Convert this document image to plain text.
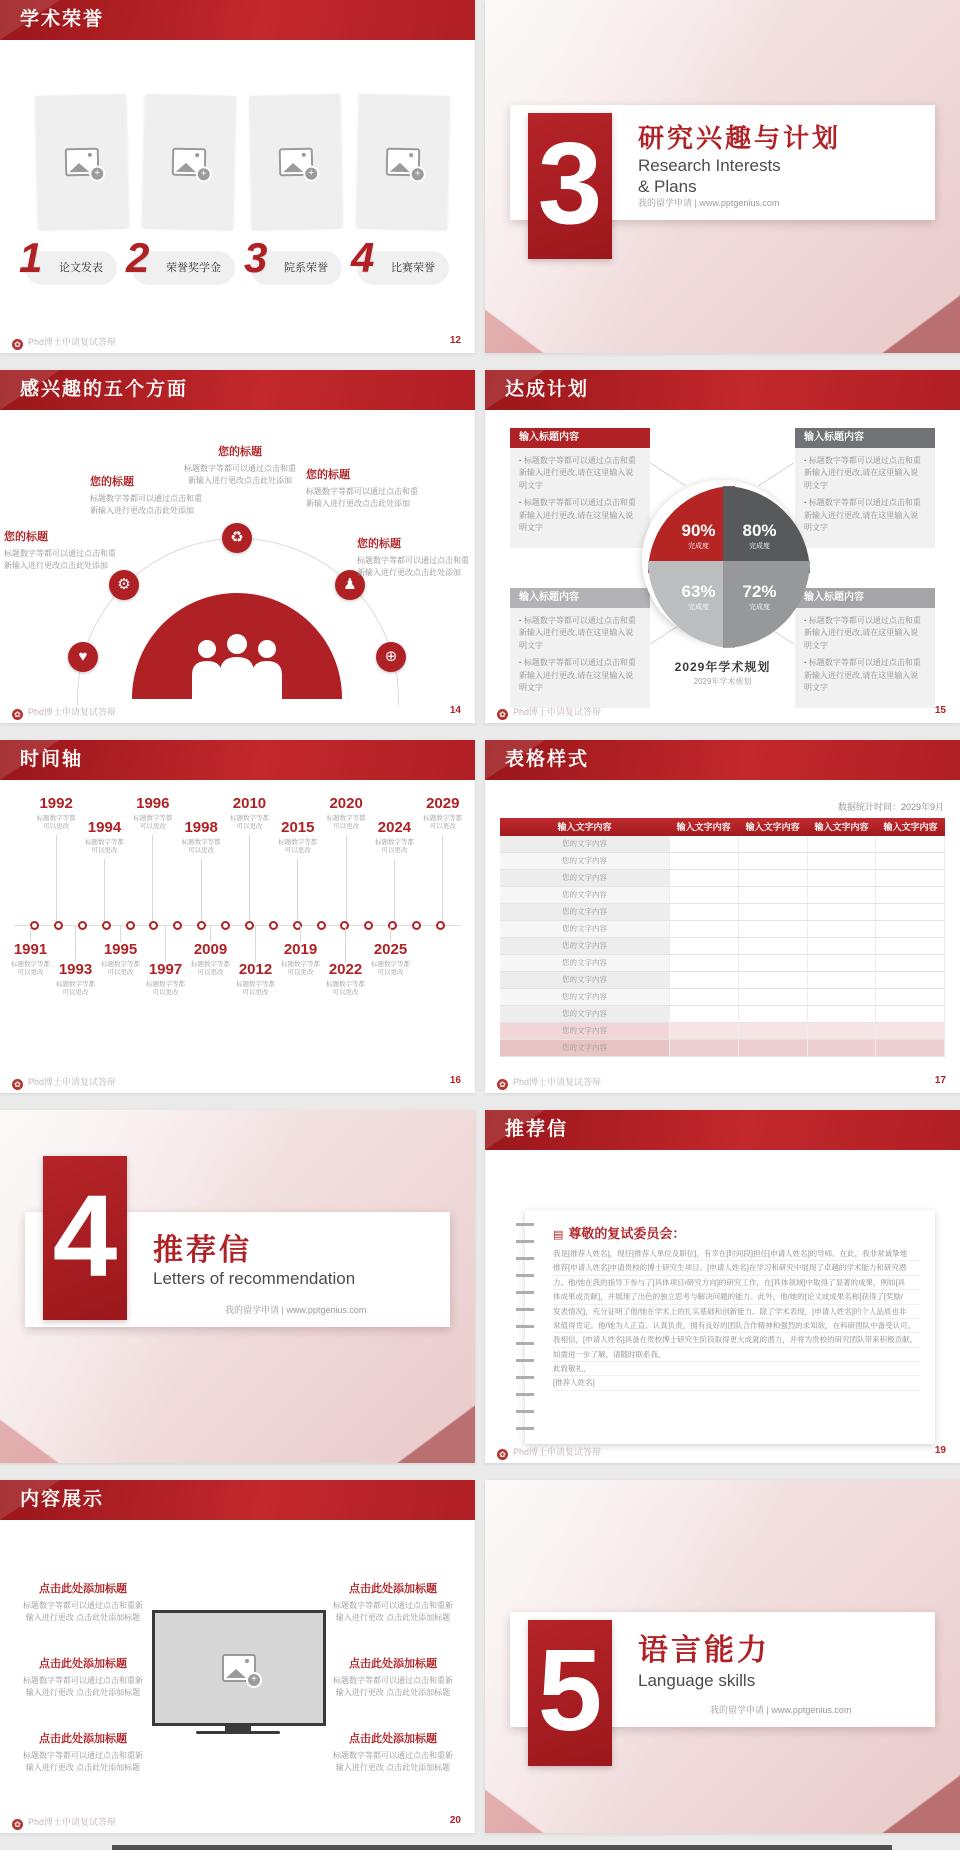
学术荣誉
+
+
+
+
1 论文发表 2 荣誉奖学金 3 院系荣誉 4 比赛荣誉
✿ Phd博士申请复试答辩	12
3	研究兴趣与计划
Research Interests
& Plans
我的留学申请 | www.pptgenius.com
感兴趣的五个方面
♥
⚙
♻
♟
⊕
您的标题
标题数字等都可以通过点击和重新输入进行更改点击此处添加
您的标题
标题数字等都可以通过点击和重新输入进行更改点击此处添加
您的标题
标题数字等都可以通过点击和重新输入进行更改点击此处添加
您的标题
标题数字等都可以通过点击和重新输入进行更改点击此处添加
您的标题
标题数字等都可以通过点击和重新输入进行更改点击此处添加
✿ Phd博士申请复试答辩	14
达成计划
输入标题内容
· 标题数字等都可以通过点击和重新输入进行更改,请在这里输入说明文字
· 标题数字等都可以通过点击和重新输入进行更改,请在这里输入说明文字
输入标题内容
· 标题数字等都可以通过点击和重新输入进行更改,请在这里输入说明文字
· 标题数字等都可以通过点击和重新输入进行更改,请在这里输入说明文字
输入标题内容
· 标题数字等都可以通过点击和重新输入进行更改,请在这里输入说明文字
· 标题数字等都可以通过点击和重新输入进行更改,请在这里输入说明文字
输入标题内容
· 标题数字等都可以通过点击和重新输入进行更改,请在这里输入说明文字
· 标题数字等都可以通过点击和重新输入进行更改,请在这里输入说明文字
90%
完成度
80%
完成度
63%
完成度
72%
完成度
2029年学术规划
2029年学术规划
✿ Phd博士申请复试答辩	15
时间轴
1992
标题数字等都
可以更改	1994
标题数字等都
可以更改
1996
标题数字等都
可以更改	1998
标题数字等都
可以更改
2010
标题数字等都
可以更改	2015
标题数字等都
可以更改
2020
标题数字等都
可以更改	2024
标题数字等都
可以更改
2029
标题数字等都
可以更改
1991
标题数字等都
可以更改	1993
标题数字等都
可以更改
1995
标题数字等都
可以更改	1997
标题数字等都
可以更改
2009
标题数字等都
可以更改	2012
标题数字等都
可以更改
2019
标题数字等都
可以更改	2022
标题数字等都
可以更改
2025
标题数字等都
可以更改
✿ Phd博士申请复试答辩	16
表格样式
数据统计时间：2029年9月
输入文字内容	输入文字内容	输入文字内容	输入文字内容	输入文字内容
您的文字内容
您的文字内容
您的文字内容
您的文字内容
您的文字内容
您的文字内容
您的文字内容
您的文字内容
您的文字内容
您的文字内容
您的文字内容
您的文字内容
您的文字内容
✿ Phd博士申请复试答辩	17
4	推荐信
Letters of recommendation
我的留学申请 | www.pptgenius.com
推荐信
▤ 尊敬的复试委员会：
我是[推荐人姓名]，现任[推荐人单位及职位]，有幸在[时间段]担任[申请人姓名]的导师。在此，我非常诚挚地
推荐[申请人姓名]申请贵校的博士研究生项目。[申请人姓名]在学习和研究中展现了卓越的学术能力和研究潜
力。他/她在我的指导下参与了[具体项目/研究方向]的研究工作，在[具体领域]中取得了显著的成果，例如[具
体成果或贡献]，并展现了出色的独立思考与解决问题的能力。此外，他/她的[论文或成果名称]获得了[奖励/
发表情况]，充分证明了他/她在学术上的扎实基础和创新能力。除了学术表现，[申请人姓名]的个人品质也非
常值得肯定。他/她为人正直、认真负责，拥有良好的团队合作精神和强烈的求知欲，在科研团队中备受认可。
我相信，[申请人姓名]具备在贵校博士研究生阶段取得更大成就的潜力，并将为贵校的研究团队带来积极贡献。
如需进一步了解，请随时联系我。
此致敬礼，
[推荐人姓名]
✿ Phd博士申请复试答辩	19
内容展示
点击此处添加标题
标题数字等都可以通过点击和重新
输入进行更改 点击此处添加标题
点击此处添加标题
标题数字等都可以通过点击和重新
输入进行更改 点击此处添加标题
点击此处添加标题
标题数字等都可以通过点击和重新
输入进行更改 点击此处添加标题
点击此处添加标题
标题数字等都可以通过点击和重新
输入进行更改 点击此处添加标题
点击此处添加标题
标题数字等都可以通过点击和重新
输入进行更改 点击此处添加标题
点击此处添加标题
标题数字等都可以通过点击和重新
输入进行更改 点击此处添加标题
+
✿ Phd博士申请复试答辩	20
5	语言能力
Language skills
我的留学申请 | www.pptgenius.com
